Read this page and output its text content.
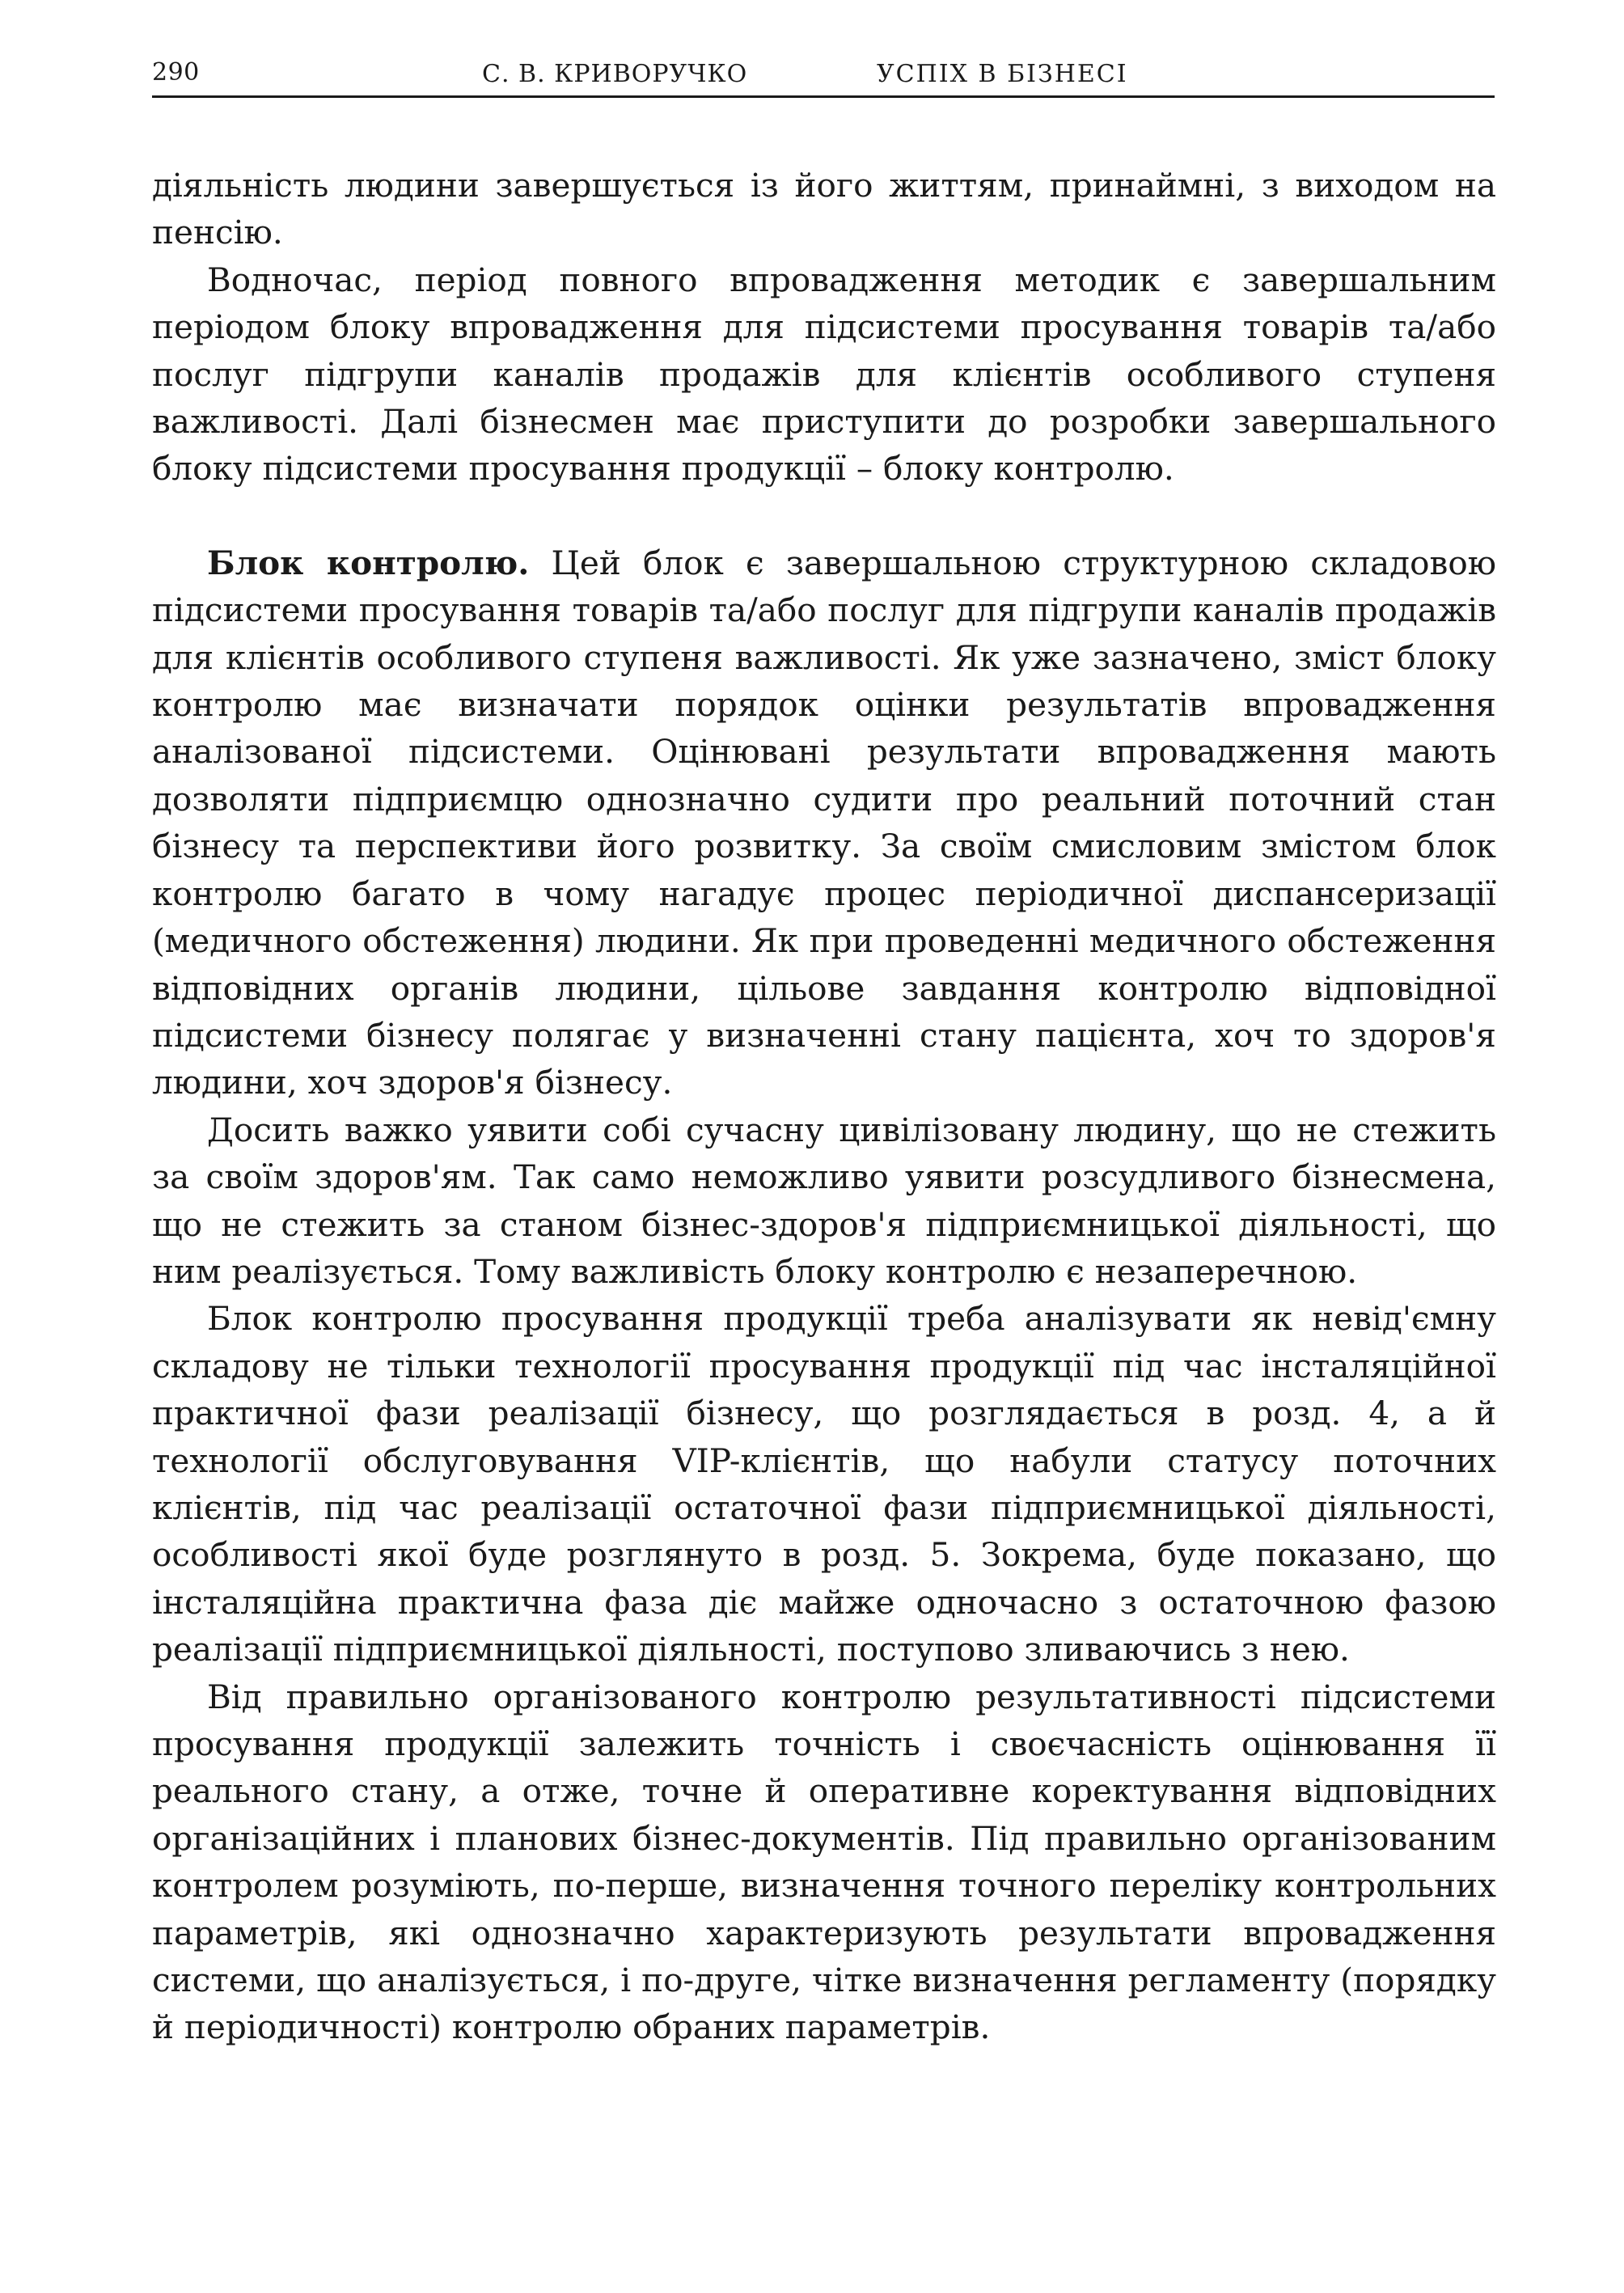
290	С. В. КРИВОРУЧКО	УСПІХ В БІЗНЕСІ

діяльність людини завершується із його життям, принаймні, з виходом на пенсію.

Водночас, період повного впровадження методик є завершальним періодом блоку впровадження для підсистеми просування товарів та/або послуг підгрупи каналів продажів для клієнтів особливого ступеня важливості. Далі бізнесмен має приступити до розробки завершального блоку підсистеми просування продукції – блоку контролю.

Блок контролю. Цей блок є завершальною структурною складовою підсистеми просування товарів та/або послуг для підгрупи каналів продажів для клієнтів особливого ступеня важливості. Як уже зазначено, зміст блоку контролю має визначати порядок оцінки результатів впровадження аналізованої підсистеми. Оцінювані результати впровадження мають дозволяти підприємцю однозначно судити про реальний поточний стан бізнесу та перспективи його розвитку. За своїм смисловим змістом блок контролю багато в чому нагадує процес періодичної диспансеризації (медичного обстеження) людини. Як при проведенні медичного обстеження відповідних органів людини, цільове завдання контролю відповідної підсистеми бізнесу полягає у визначенні стану пацієнта, хоч то здоров'я людини, хоч здоров'я бізнесу.

Досить важко уявити собі сучасну цивілізовану людину, що не стежить за своїм здоров'ям. Так само неможливо уявити розсудливого бізнесмена, що не стежить за станом бізнес-здоров'я підприємницької діяльності, що ним реалізується. Тому важливість блоку контролю є незаперечною.

Блок контролю просування продукції треба аналізувати як невід'ємну складову не тільки технології просування продукції під час інсталяційної практичної фази реалізації бізнесу, що розглядається в розд. 4, а й технології обслуговування VIP-клієнтів, що набули статусу поточних клієнтів, під час реалізації остаточної фази підприємницької діяльності, особливості якої буде розглянуто в розд. 5. Зокрема, буде показано, що інсталяційна практична фаза діє майже одночасно з остаточною фазою реалізації підприємницької діяльності, поступово зливаючись з нею.

Від правильно організованого контролю результативності підсистеми просування продукції залежить точність і своєчасність оцінювання її реального стану, а отже, точне й оперативне коректування відповідних організаційних і планових бізнес-документів. Під правильно організованим контролем розуміють, по-перше, визначення точного переліку контрольних параметрів, які однозначно характеризують результати впровадження системи, що аналізується, і по-друге, чітке визначення регламенту (порядку й періодичності) контролю обраних параметрів.
